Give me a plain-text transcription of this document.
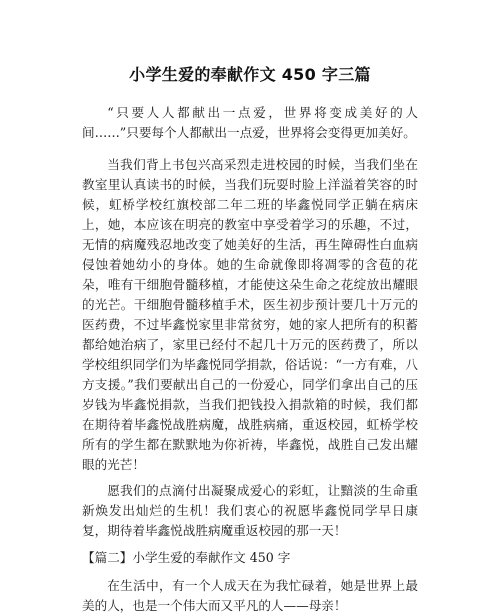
小学生爱的奉献作文 450 字三篇

“只要人人都献出一点爱，世界将变成美好的人间……”只要每个人都献出一点爱，世界将会变得更加美好。

当我们背上书包兴高采烈走进校园的时候，当我们坐在教室里认真读书的时候，当我们玩耍时脸上洋溢着笑容的时候，虹桥学校红旗校部二年二班的毕鑫悦同学正躺在病床上，她，本应该在明亮的教室中享受着学习的乐趣，不过，无情的病魔残忍地改变了她美好的生活，再生障碍性白血病侵蚀着她幼小的身体。她的生命就像即将凋零的含苞的花朵，唯有干细胞骨髓移植，才能使这朵生命之花绽放出耀眼的光芒。干细胞骨髓移植手术，医生初步预计要几十万元的医药费，不过毕鑫悦家里非常贫穷，她的家人把所有的积蓄都给她治病了，家里已经付不起几十万元的医药费了，所以学校组织同学们为毕鑫悦同学捐款，俗话说：“一方有难，八方支援。”我们要献出自己的一份爱心，同学们拿出自己的压岁钱为毕鑫悦捐款，当我们把钱投入捐款箱的时候，我们都在期待着毕鑫悦战胜病魔，战胜病痛，重返校园，虹桥学校所有的学生都在默默地为你祈祷，毕鑫悦，战胜自己发出耀眼的光芒！

愿我们的点滴付出凝聚成爱心的彩虹，让黯淡的生命重新焕发出灿烂的生机！我们衷心的祝愿毕鑫悦同学早日康复，期待着毕鑫悦战胜病魔重返校园的那一天！

【篇二】小学生爱的奉献作文 450 字

在生活中，有一个人成天在为我忙碌着，她是世界上最美的人，也是一个伟大而又平凡的人——母亲！
